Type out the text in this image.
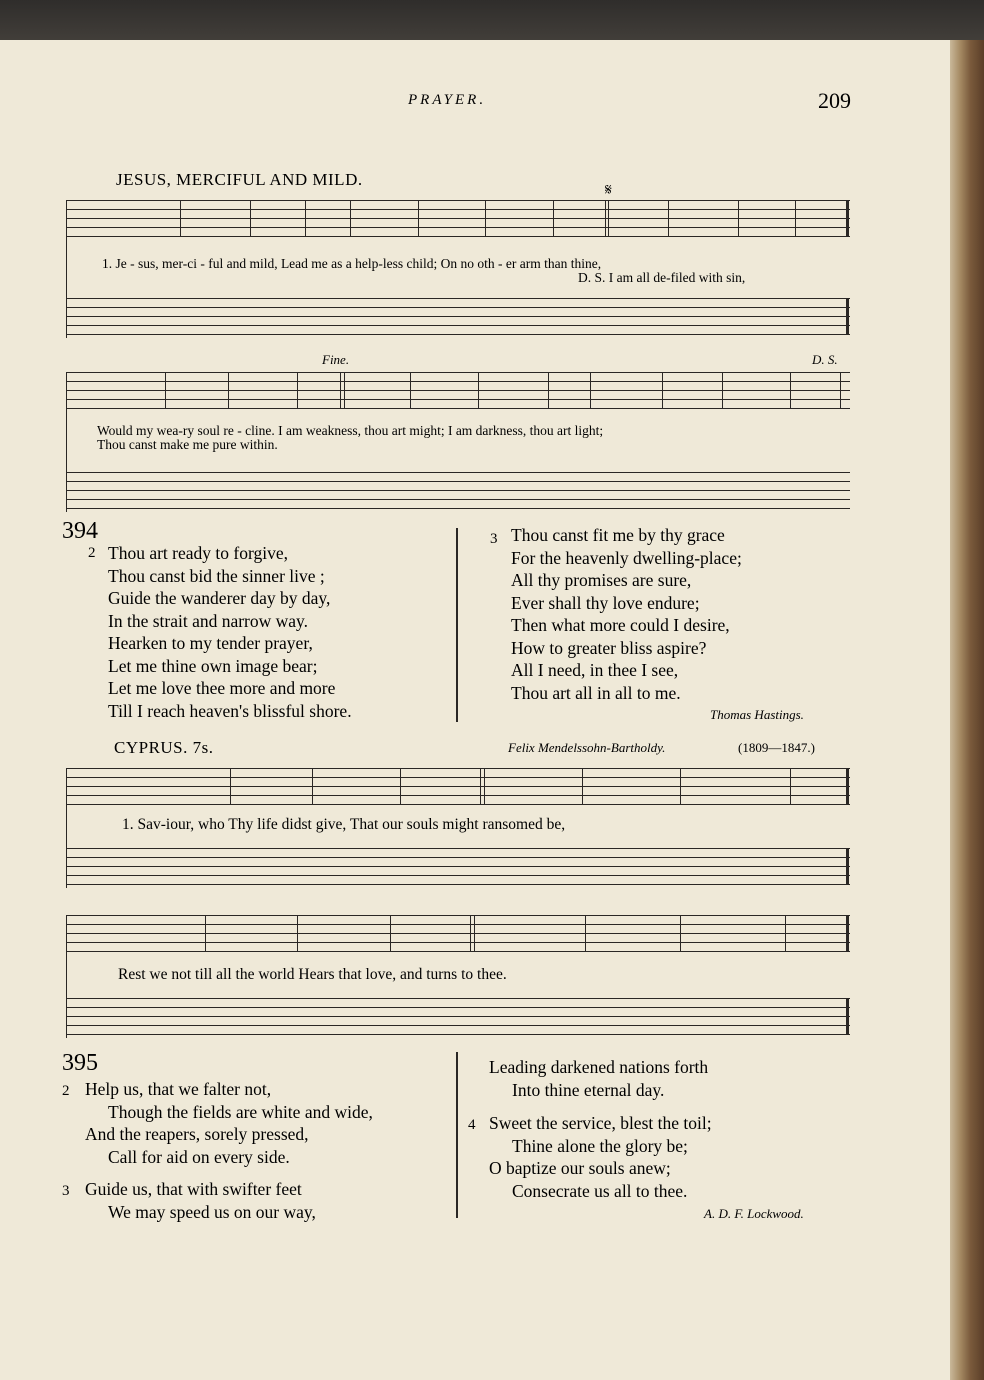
PRAYER.	209
JESUS, MERCIFUL AND MILD.
𝄋
1. Je - sus, mer-ci - ful and mild, Lead me as a help-less child; On no oth - er arm than thine,
D. S. I am all de-filed with sin,
Fine.	D. S.
Would my wea-ry soul re - cline. I am weakness, thou art might; I am darkness, thou art light;
Thou canst make me pure within.
394
2 Thou art ready to forgive,
Thou canst bid the sinner live ;
Guide the wanderer day by day,
In the strait and narrow way.
Hearken to my tender prayer,
Let me thine own image bear;
Let me love thee more and more
Till I reach heaven's blissful shore.
3 Thou canst fit me by thy grace
For the heavenly dwelling-place;
All thy promises are sure,
Ever shall thy love endure;
Then what more could I desire,
How to greater bliss aspire?
All I need, in thee I see,
Thou art all in all to me.
Thomas Hastings.
CYPRUS. 7s.	Felix Mendelssohn-Bartholdy.	(1809—1847.)
1. Sav-iour, who Thy life didst give, That our souls might ransomed be,
Rest we not till all the world Hears that love, and turns to thee.
395
2 Help us, that we falter not,
Though the fields are white and wide,
And the reapers, sorely pressed,
Call for aid on every side.
3 Guide us, that with swifter feet
We may speed us on our way,
Leading darkened nations forth
Into thine eternal day.
4 Sweet the service, blest the toil;
Thine alone the glory be;
O baptize our souls anew;
Consecrate us all to thee.
A. D. F. Lockwood.
